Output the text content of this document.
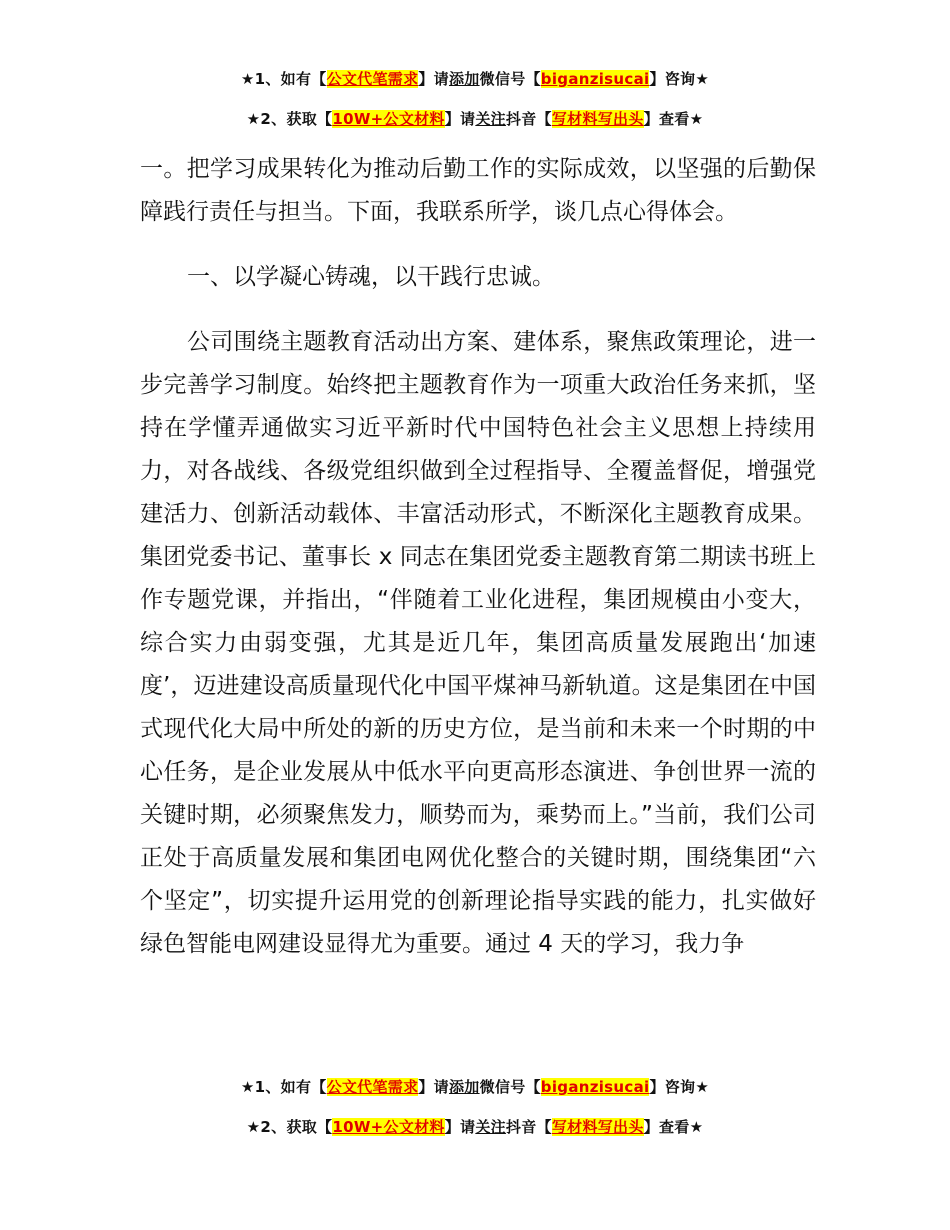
★1、如有【公文代笔需求】请添加微信号【biganzisucai】咨询★
★2、获取【10W+公文材料】请关注抖音【写材料写出头】查看★

一。把学习成果转化为推动后勤工作的实际成效，以坚强的后勤保障践行责任与担当。下面，我联系所学，谈几点心得体会。

一、以学凝心铸魂，以干践行忠诚。

公司围绕主题教育活动出方案、建体系，聚焦政策理论，进一步完善学习制度。始终把主题教育作为一项重大政治任务来抓，坚持在学懂弄通做实习近平新时代中国特色社会主义思想上持续用力，对各战线、各级党组织做到全过程指导、全覆盖督促，增强党建活力、创新活动载体、丰富活动形式，不断深化主题教育成果。集团党委书记、董事长 x 同志在集团党委主题教育第二期读书班上作专题党课，并指出，“伴随着工业化进程，集团规模由小变大，综合实力由弱变强，尤其是近几年，集团高质量发展跑出‘加速度’，迈进建设高质量现代化中国平煤神马新轨道。这是集团在中国式现代化大局中所处的新的历史方位，是当前和未来一个时期的中心任务，是企业发展从中低水平向更高形态演进、争创世界一流的关键时期，必须聚焦发力，顺势而为，乘势而上。”当前，我们公司正处于高质量发展和集团电网优化整合的关键时期，围绕集团“六个坚定”，切实提升运用党的创新理论指导实践的能力，扎实做好绿色智能电网建设显得尤为重要。通过 4 天的学习，我力争

★1、如有【公文代笔需求】请添加微信号【biganzisucai】咨询★
★2、获取【10W+公文材料】请关注抖音【写材料写出头】查看★
